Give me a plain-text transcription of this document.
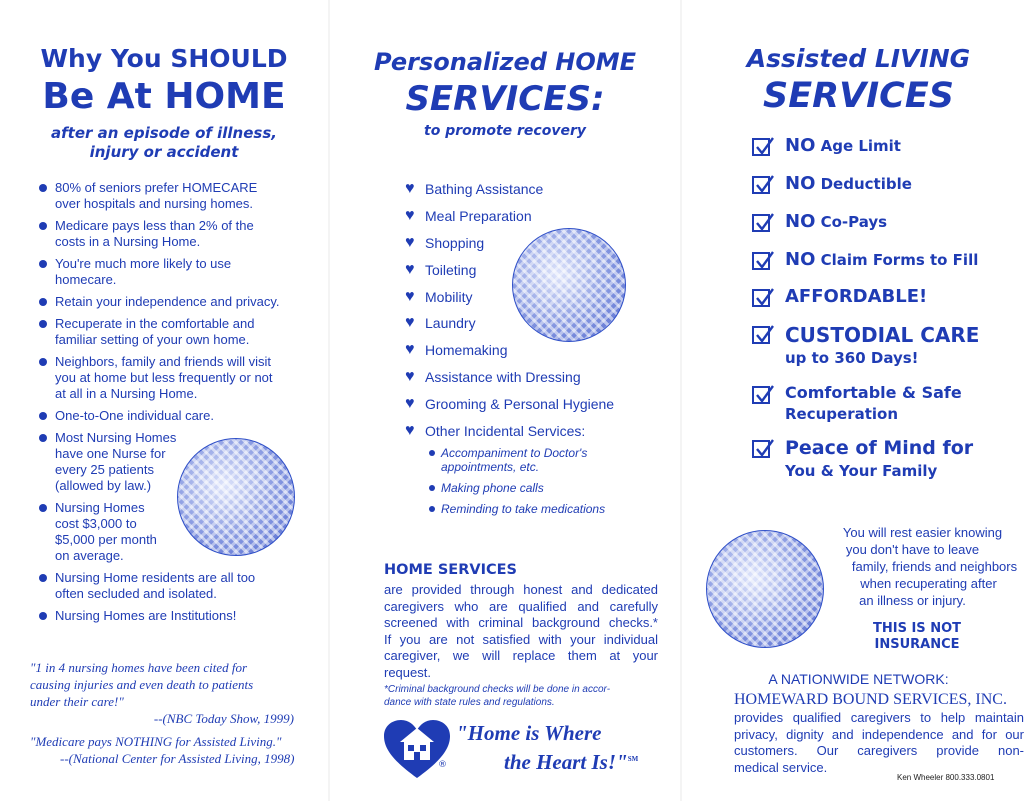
Why You SHOULD
Be At HOME
after an episode of illness,
injury or accident
80% of seniors prefer HOMECARE
over hospitals and nursing homes.
Medicare pays less than 2% of the
costs in a Nursing Home.
You're much more likely to use
homecare.
Retain your independence and privacy.
Recuperate in the comfortable and
familiar setting of your own home.
Neighbors, family and friends will visit
you at home but less frequently or not
at all in a Nursing Home.
One-to-One individual care.
Most Nursing Homes
have one Nurse for
every 25 patients
(allowed by law.)
Nursing Homes
cost $3,000 to
$5,000 per month
on average.
Nursing Home residents are all too
often secluded and isolated.
Nursing Homes are Institutions!
"1 in 4 nursing homes have been cited for
causing injuries and even death to patients
under their care!"
--(NBC Today Show, 1999)
"Medicare pays NOTHING for Assisted Living."
--(National Center for Assisted Living, 1998)
Personalized HOME
SERVICES:
to promote recovery
♥ Bathing Assistance
♥ Meal Preparation
♥ Shopping
♥ Toileting
♥ Mobility
♥ Laundry
♥ Homemaking
♥ Assistance with Dressing
♥ Grooming & Personal Hygiene
♥ Other Incidental Services:
Accompaniment to Doctor's
appointments, etc.
Making phone calls
Reminding to take medications
HOME SERVICES
are provided through honest and dedicated
caregivers who are qualified and carefully
screened with criminal background checks.*
If you are not satisfied with your individual
caregiver, we will replace them at your
request.
*Criminal background checks will be done in accor-
dance with state rules and regulations.
®
"Home is Where
the Heart Is!"℠
Assisted LIVING
SERVICES
NO Age Limit
NO Deductible
NO Co-Pays
NO Claim Forms to Fill
AFFORDABLE!
CUSTODIAL CARE
up to 360 Days!
Comfortable & Safe
Recuperation
Peace of Mind for
You & Your Family
You will rest easier knowing
you don't have to leave
family, friends and neighbors
when recuperating after
an illness or injury.
THIS IS NOT
INSURANCE
A NATIONWIDE NETWORK:
HOMEWARD BOUND SERVICES, INC.
provides qualified caregivers to help maintain
privacy, dignity and independence and for our
customers. Our caregivers provide non-
medical service.
Ken Wheeler 800.333.0801
